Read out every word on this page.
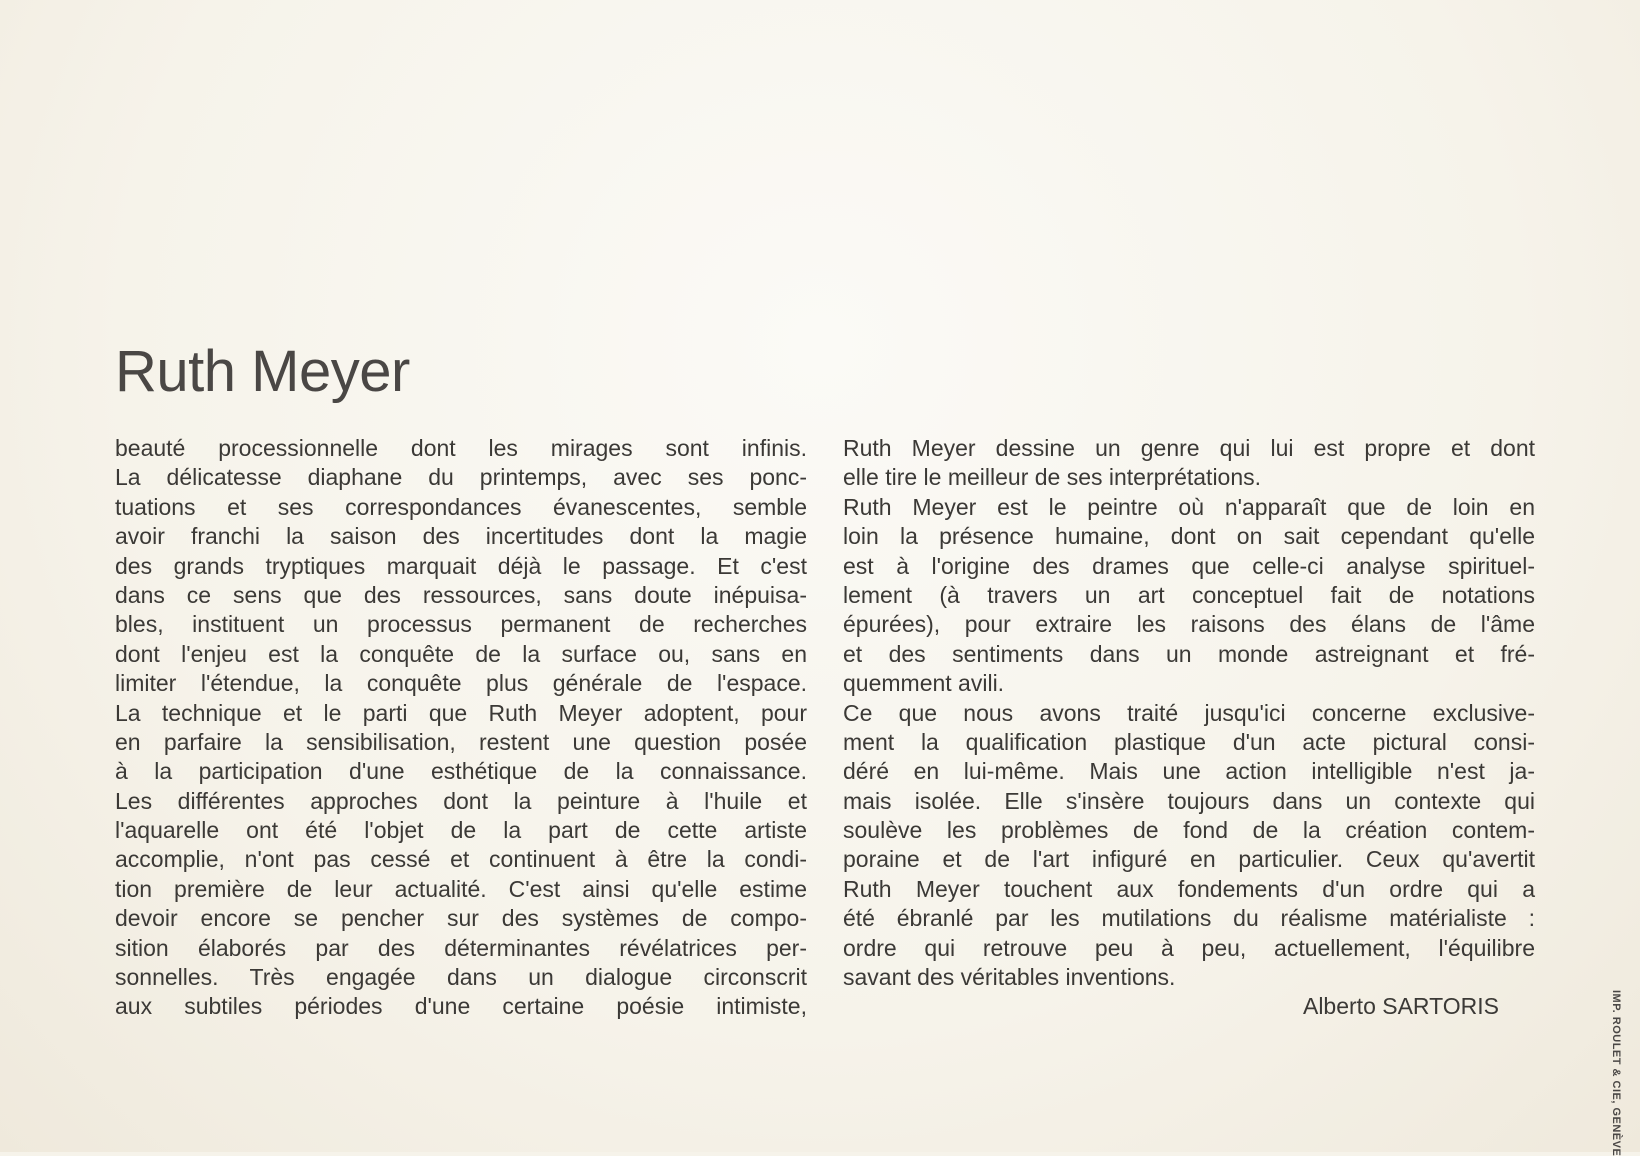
Ruth Meyer
beauté processionnelle dont les mirages sont infinis.
La délicatesse diaphane du printemps, avec ses ponc-
tuations et ses correspondances évanescentes, semble
avoir franchi la saison des incertitudes dont la magie
des grands tryptiques marquait déjà le passage. Et c'est
dans ce sens que des ressources, sans doute inépuisa-
bles, instituent un processus permanent de recherches
dont l'enjeu est la conquête de la surface ou, sans en
limiter l'étendue, la conquête plus générale de l'espace.
La technique et le parti que Ruth Meyer adoptent, pour
en parfaire la sensibilisation, restent une question posée
à la participation d'une esthétique de la connaissance.
Les différentes approches dont la peinture à l'huile et
l'aquarelle ont été l'objet de la part de cette artiste
accomplie, n'ont pas cessé et continuent à être la condi-
tion première de leur actualité. C'est ainsi qu'elle estime
devoir encore se pencher sur des systèmes de compo-
sition élaborés par des déterminantes révélatrices per-
sonnelles. Très engagée dans un dialogue circonscrit
aux subtiles périodes d'une certaine poésie intimiste,
Ruth Meyer dessine un genre qui lui est propre et dont
elle tire le meilleur de ses interprétations.
Ruth Meyer est le peintre où n'apparaît que de loin en
loin la présence humaine, dont on sait cependant qu'elle
est à l'origine des drames que celle-ci analyse spirituel-
lement (à travers un art conceptuel fait de notations
épurées), pour extraire les raisons des élans de l'âme
et des sentiments dans un monde astreignant et fré-
quemment avili.
Ce que nous avons traité jusqu'ici concerne exclusive-
ment la qualification plastique d'un acte pictural consi-
déré en lui-même. Mais une action intelligible n'est ja-
mais isolée. Elle s'insère toujours dans un contexte qui
soulève les problèmes de fond de la création contem-
poraine et de l'art infiguré en particulier. Ceux qu'avertit
Ruth Meyer touchent aux fondements d'un ordre qui a
été ébranlé par les mutilations du réalisme matérialiste :
ordre qui retrouve peu à peu, actuellement, l'équilibre
savant des véritables inventions.
Alberto SARTORIS	IMP. ROULET & CIE, GENÈVE
